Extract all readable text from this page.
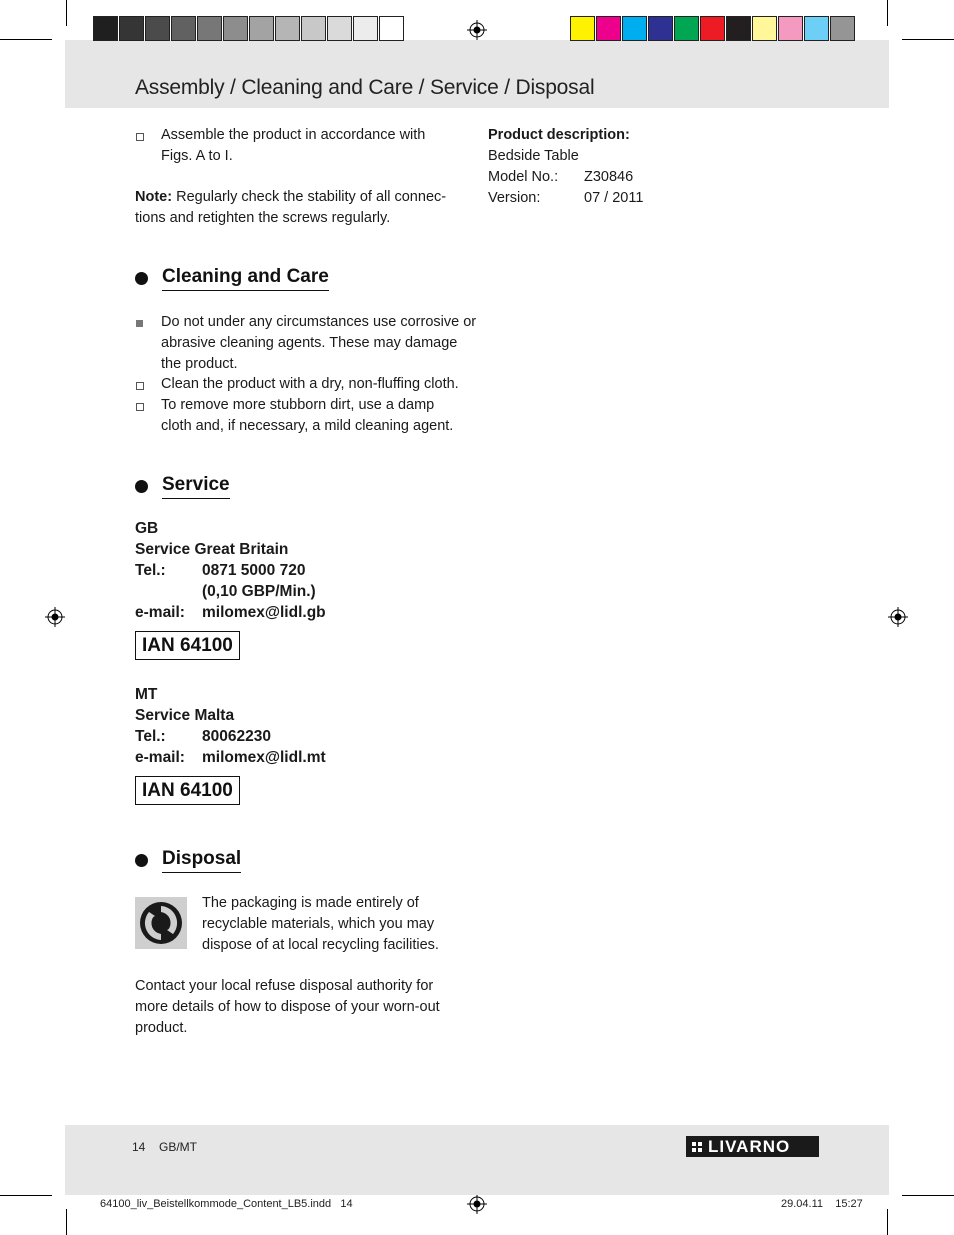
Assembly / Cleaning and Care / Service / Disposal
Assemble the product in accordance with
Figs. A to I.
Note: Regularly check the stability of all connec-
tions and retighten the screws regularly.
Product description:
Bedside Table
Model No.: Z30846
Version:	07 / 2011
Cleaning and Care
Do not under any circumstances use corrosive or
abrasive cleaning agents. These may damage
the product.
Clean the product with a dry, non-fluffing cloth.
To remove more stubborn dirt, use a damp
cloth and, if necessary, a mild cleaning agent.
Service
GB
Service Great Britain
Tel.: 0871 5000 720
(0,10 GBP/Min.)
e-mail: milomex@lidl.gb
IAN 64100
MT
Service Malta
Tel.: 80062230
e-mail: milomex@lidl.mt
IAN 64100
Disposal
The packaging is made entirely of
recyclable materials, which you may
dispose of at local recycling facilities.
Contact your local refuse disposal authority for
more details of how to dispose of your worn-out
product.
14 GB/MT	LIVARNO
64100_liv_Beistellkommode_Content_LB5.indd   14	29.04.11    15:27
